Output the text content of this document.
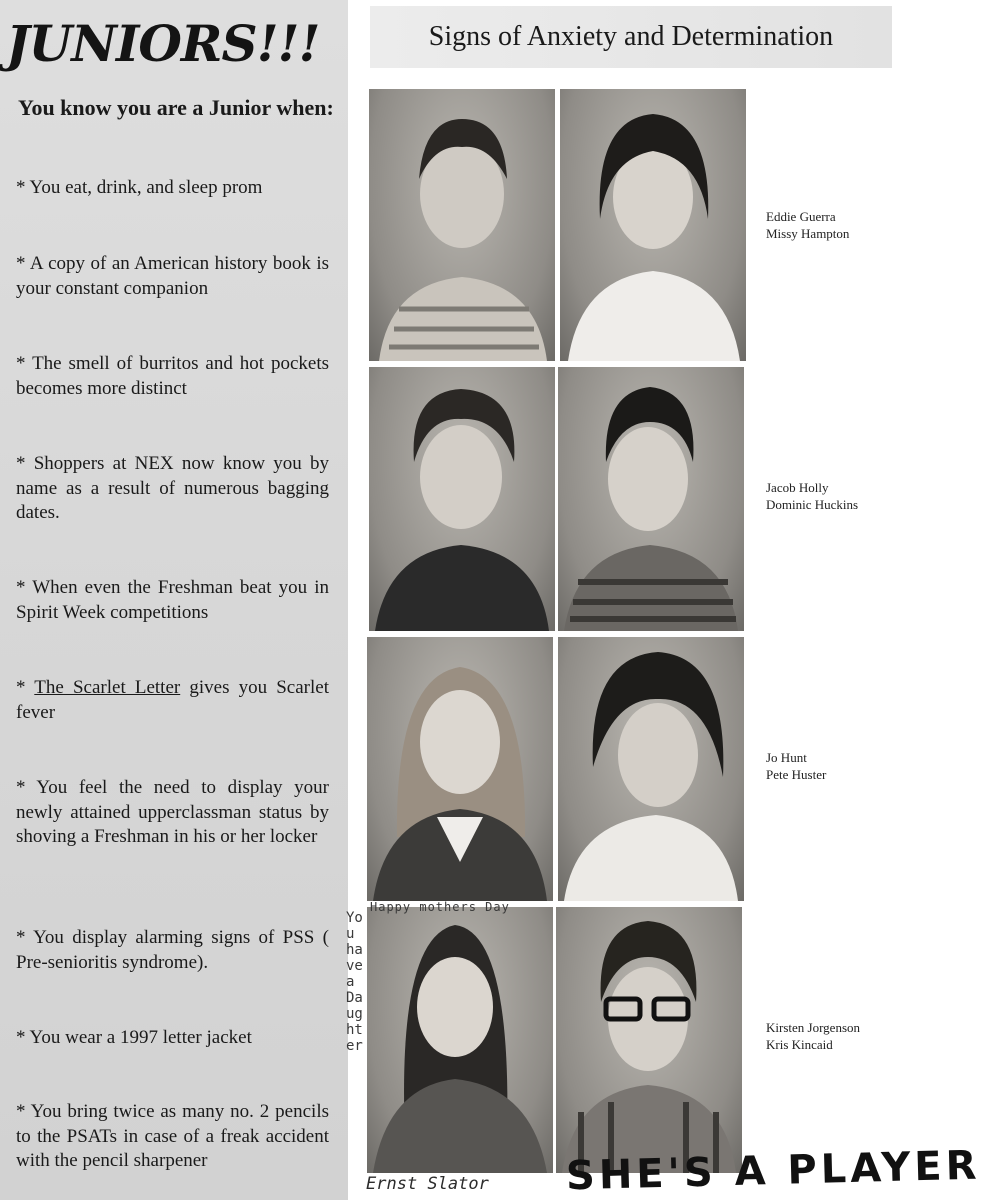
JUNIORS!!!

You know you are a Junior when:

* You eat, drink, and sleep prom
* A copy of an American history book is your constant companion
* The smell of burritos and hot pockets becomes more distinct
* Shoppers at NEX now know you by name as a result of numerous bagging dates.
* When even the Freshman beat you in Spirit Week competitions
* The Scarlet Letter gives you Scarlet fever
* You feel the need to display your newly attained upperclassman status by shoving a Freshman in his or her locker
* You display alarming signs of PSS ( Pre-senioritis syndrome).
* You wear a 1997 letter jacket
* You bring twice as many no. 2 pencils to the PSATs in case of a freak accident with the pencil sharpener
Signs of Anxiety and Determination
Eddie Guerra
Missy Hampton
Jacob Holly
Dominic Huckins
Jo Hunt
Pete Huster
Kirsten Jorgenson
Kris Kincaid
Happy mothers Day
You have a Daughter
Ernst Slator SHE'S A PLAYER
